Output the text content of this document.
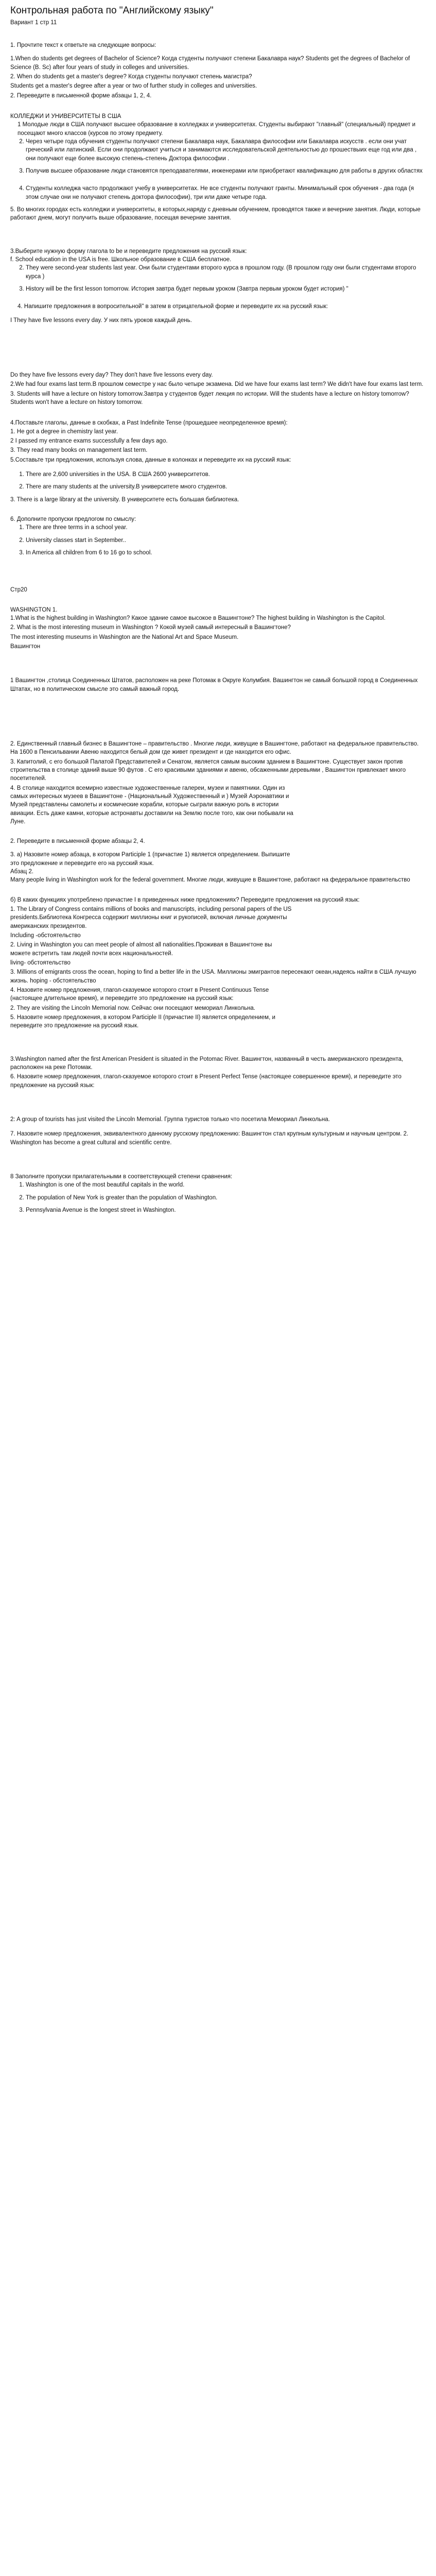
Контрольная работа по "Английскому языку"

Вариант 1 стр 11

1. Прочтите текст к ответьте на следующие вопросы:

1.When do students get degrees of Bachelor of Science? Когда студенты получают степени Бакалавра наук? Students get the degrees of Bachelor of Science (B. Sc) after four years of study in colleges and universities.

2. When do students get a master's degree? Когда студенты получают степень магистра?

Students get a master's degree after a year or two of further study in colleges and universities.

2. Переведите в письменной форме абзацы 1, 2, 4.

КОЛЛЕДЖИ И УНИВЕРСИТЕТЫ В США

1 Молодые люди в США получают высшее образование в колледжах и университетах. Студенты выбирают "главный" (специальный) предмет и посещают много классов (курсов по этому предмету.

2. Через четыре года обучения студенты получают степени Бакалавра наук, Бакалавра философии или Бакалавра искусств . если они учат греческий или латинский. Если они продолжают учиться и занимаются исследовательской деятельностью до прошествыих еще год или два , они получают еще более высокую степень-степень Доктора философии .
3. Получив высшее образование люди становятся преподавателями, инженерами или приобретают квалификацию для работы в других областях
4. Студенты колледжа часто продолжают учебу в университетах. Не все студенты получают гранты. Минимальный срок обучения - два года (я этом случае они не получают степень доктора философии), три или даже четыре года.

5. Во многих городах есть колледжи и университеты, в которых,наряду с дневным обучением, проводятся также и вечерние занятия. Люди, которые работают днем, могут получить выше образование, посещая вечерние занятия.

3.Выберите нужную форму глагола to be и переведите предложения на русский язык:

f. School education in the USA is free. Школьное образование в США бесплатное.

2. They were second-year students last year. Они были студентами второго курса в прошлом году. (В прошлом году они были студентами второго курса )
3. History will be the first lesson tomorrow. История завтра будет первым уроком (Завтра первым уроком будет история) "

4. Напишите предложения в вопросительной" в затем в отрицательной форме и переведите их на русский язык:

I They have five lessons every day. У них пять уроков каждый день.

Do they have five lessons every day? They don't have five lessons every day.

2.We had four exams last term.В прошлом семестре у нас было четыре экзамена. Did we have four exams last term? We didn't have four exams last term.

3. Students will have a lecture on history tomorrow.Завтра у студентов будет лекция по истории. Will the students have a lecture on history tomorrow? Students won't have a lecture on history tomorrow.

4.Поставьте глаголы, данные в скобках, а Past Indefinite Tense (прошедшее неопределенное время):

1. He got a degree in chemistry last year.

2 I passed my entrance exams successfully a few days ago.

3. They read many books on management last term.

5.Составьте три предложения, используя слова, данные в колонках и переведите их на русский язык:

1. There are 2,600 universities in the USA. В США 2600 университетов.
2. There are many students at the university.В университете много студентов.

3. There is a large library at the university. В университете есть большая библиотека.

6. Дополните пропуски предлогом по смыслу:

1. There are three terms in a school year.
2. University classes start in September..
3. In America all children from 6 to 16 go to school.

Стр20

WASHINGTON 1.

1.What is the highest building in Washington? Какое здание самое высокое в Вашингтоне? The highest building in Washington is the Capitol.

2. What is the most interesting museum in Washington ? Кокой музей самый интересный в Вашингтоне?

The most interesting museums in Washington are the National Art and Space Museum.

Вашингтон

1 Вашингтон ,столица Соединенных Штатов, расположен на реке Потомак в Округе Колумбия. Вашингтон не самый большой город в Соединенных Штатах, но в политическом смысле это самый важный город.

2. Единственный главный бизнес в Вашингтоне – правительство . Многие люди, живущие в Вашингтоне, работают на федеральное правительство. На 1600 в Пенсильвании Авеню находится белый дом где живет президент и где находится его офис.

3. Капитолий, с его большой Палатой Представителей и Сенатом, является самым высоким зданием в Вашингтоне. Существует закон против строительства в столице зданий выше 90 футов . С его красивыми зданиями и авеню, обсаженными деревьями , Вашингтон привлекает много посетителей.

4. В столице находится всемирно известные художественные галереи, музеи и памятники. Один из

самых интересных музеев в Вашингтоне - (Национальный Художественный и ) Музей Аэронавтики и

Музей представлены самолеты и космические корабли, которые сыграли важную роль в истории

авиации. Есть даже камни, которые астронавты доставили на Землю после того, как они побывали на

Луне.

2. Переведите в письменной форме абзацы 2, 4.

3. а) Назовите номер абзаца, в котором Participle 1 (причастие 1) является определением. Выпишите

это предложение и переведите его на русский язык.

Абзац 2.

Many people living in Washington work for the federal government. Многие люди, живущие в Вашингтоне, работают на федеральное правительство

б) В каких функциях употреблено причастие I в приведенных ниже предложениях? Переведите предложения на русский язык:

1. The Library of Congress contains millions of books and manuscripts, including personal papers of the US

presidents.Библиотека Конгресса содержит миллионы книг и рукописей, включая личные документы

американских президентов.

Including -обстоятельство

2. Living in Washington you can meet people of almost all nationalities.Проживая в Вашингтоне вы

можете встретить там людей почти всех национальностей.

living- обстоятельство

3. Millions of emigrants cross the ocean, hoping to find a better life in the USA. Миллионы эмигрантов пересекают океан,надеясь найти в США лучшую жизнь. hoping - обстоятельство

4. Назовите номер предложения, глагол-сказуемое которого стоит в Present Continuous Tense

(настоящее длительное время), и переведите это предложение на русский язык:

2. They are visiting the Lincoln Memorial now. Сейчас они посещают мемориал Линкольна.

5. Назовите номер предложения, в котором Participle II (причастие II) является определением, и

переведите это предложение на русский язык.

3.Washington named after the first American President is situated in the Potomac River. Вашингтон, названный в честь американского президента, расположен на реке Потомак.

6. Назовите номер предложения, глагол-сказуемое которого стоит в Present Perfect Tense (настоящее совершенное время), и переведите это предложение на русский язык:

2: A group of tourists has just visited the Lincoln Memorial. Группа туристов только что посетила Мемориал Линкольна.

7. Назовите номер предложения, эквивалентного данному русскому предложению: Вашингтон стал крупным культурным и научным центром. 2. Washington has become a great cultural and scientific centre.

8 Заполните пропуски прилагательными в соответствующей степени сравнения:

1. Washington is one of the most beautiful capitals in the world.
2. The population of New York is greater than the population of Washington.
3. Pennsylvania Avenue is the longest street in Washington.
